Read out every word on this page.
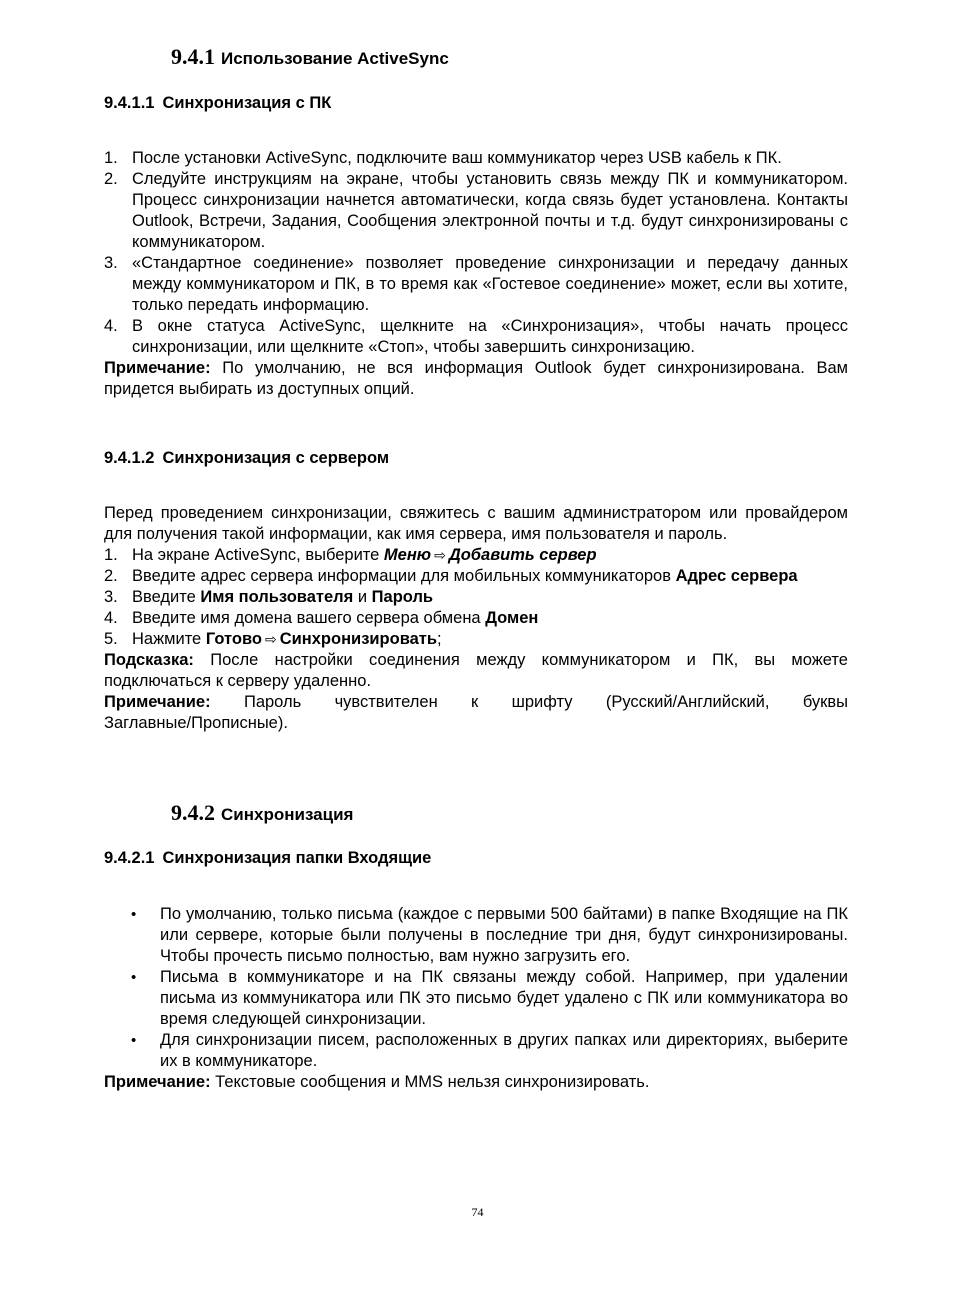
9.4.1 Использование ActiveSync
9.4.1.1 Синхронизация с ПК
1. После установки ActiveSync, подключите ваш коммуникатор через USB кабель к ПК.
2. Следуйте инструкциям на экране, чтобы установить связь между ПК и коммуникатором. Процесс синхронизации начнется автоматически, когда связь будет установлена. Контакты Outlook, Встречи, Задания, Сообщения электронной почты и т.д. будут синхронизированы с коммуникатором.
3. «Стандартное соединение» позволяет проведение синхронизации и передачу данных между коммуникатором и ПК, в то время как «Гостевое соединение» может, если вы хотите, только передать информацию.
4. В окне статуса ActiveSync, щелкните на «Синхронизация», чтобы начать процесс синхронизации, или щелкните «Стоп», чтобы завершить синхронизацию.

Примечание: По умолчанию, не вся информация Outlook будет синхронизирована. Вам придется выбирать из доступных опций.

9.4.1.2 Синхронизация с сервером

Перед проведением синхронизации, свяжитесь с вашим администратором или провайдером для получения такой информации, как имя сервера, имя пользователя и пароль.

1. На экране ActiveSync, выберите Меню ⇨ Добавить сервер
2. Введите адрес сервера информации для мобильных коммуникаторов Адрес сервера
3. Введите Имя пользователя и Пароль
4. Введите имя домена вашего сервера обмена Домен
5. Нажмите Готово ⇨ Синхронизировать;

Подсказка: После настройки соединения между коммуникатором и ПК, вы можете подключаться к серверу удаленно.

Примечание: Пароль чувствителен к шрифту (Русский/Английский, буквы

Заглавные/Прописные).

9.4.2 Синхронизация
9.4.2.1 Синхронизация папки Входящие
• По умолчанию, только письма (каждое с первыми 500 байтами) в папке Входящие на ПК или сервере, которые были получены в последние три дня, будут синхронизированы. Чтобы прочесть письмо полностью, вам нужно загрузить его.
• Письма в коммуникаторе и на ПК связаны между собой. Например, при удалении письма из коммуникатора или ПК это письмо будет удалено с ПК или коммуникатора во время следующей синхронизации.
• Для синхронизации писем, расположенных в других папках или директориях, выберите их в коммуникаторе.

Примечание: Текстовые сообщения и MMS нельзя синхронизировать.

74
